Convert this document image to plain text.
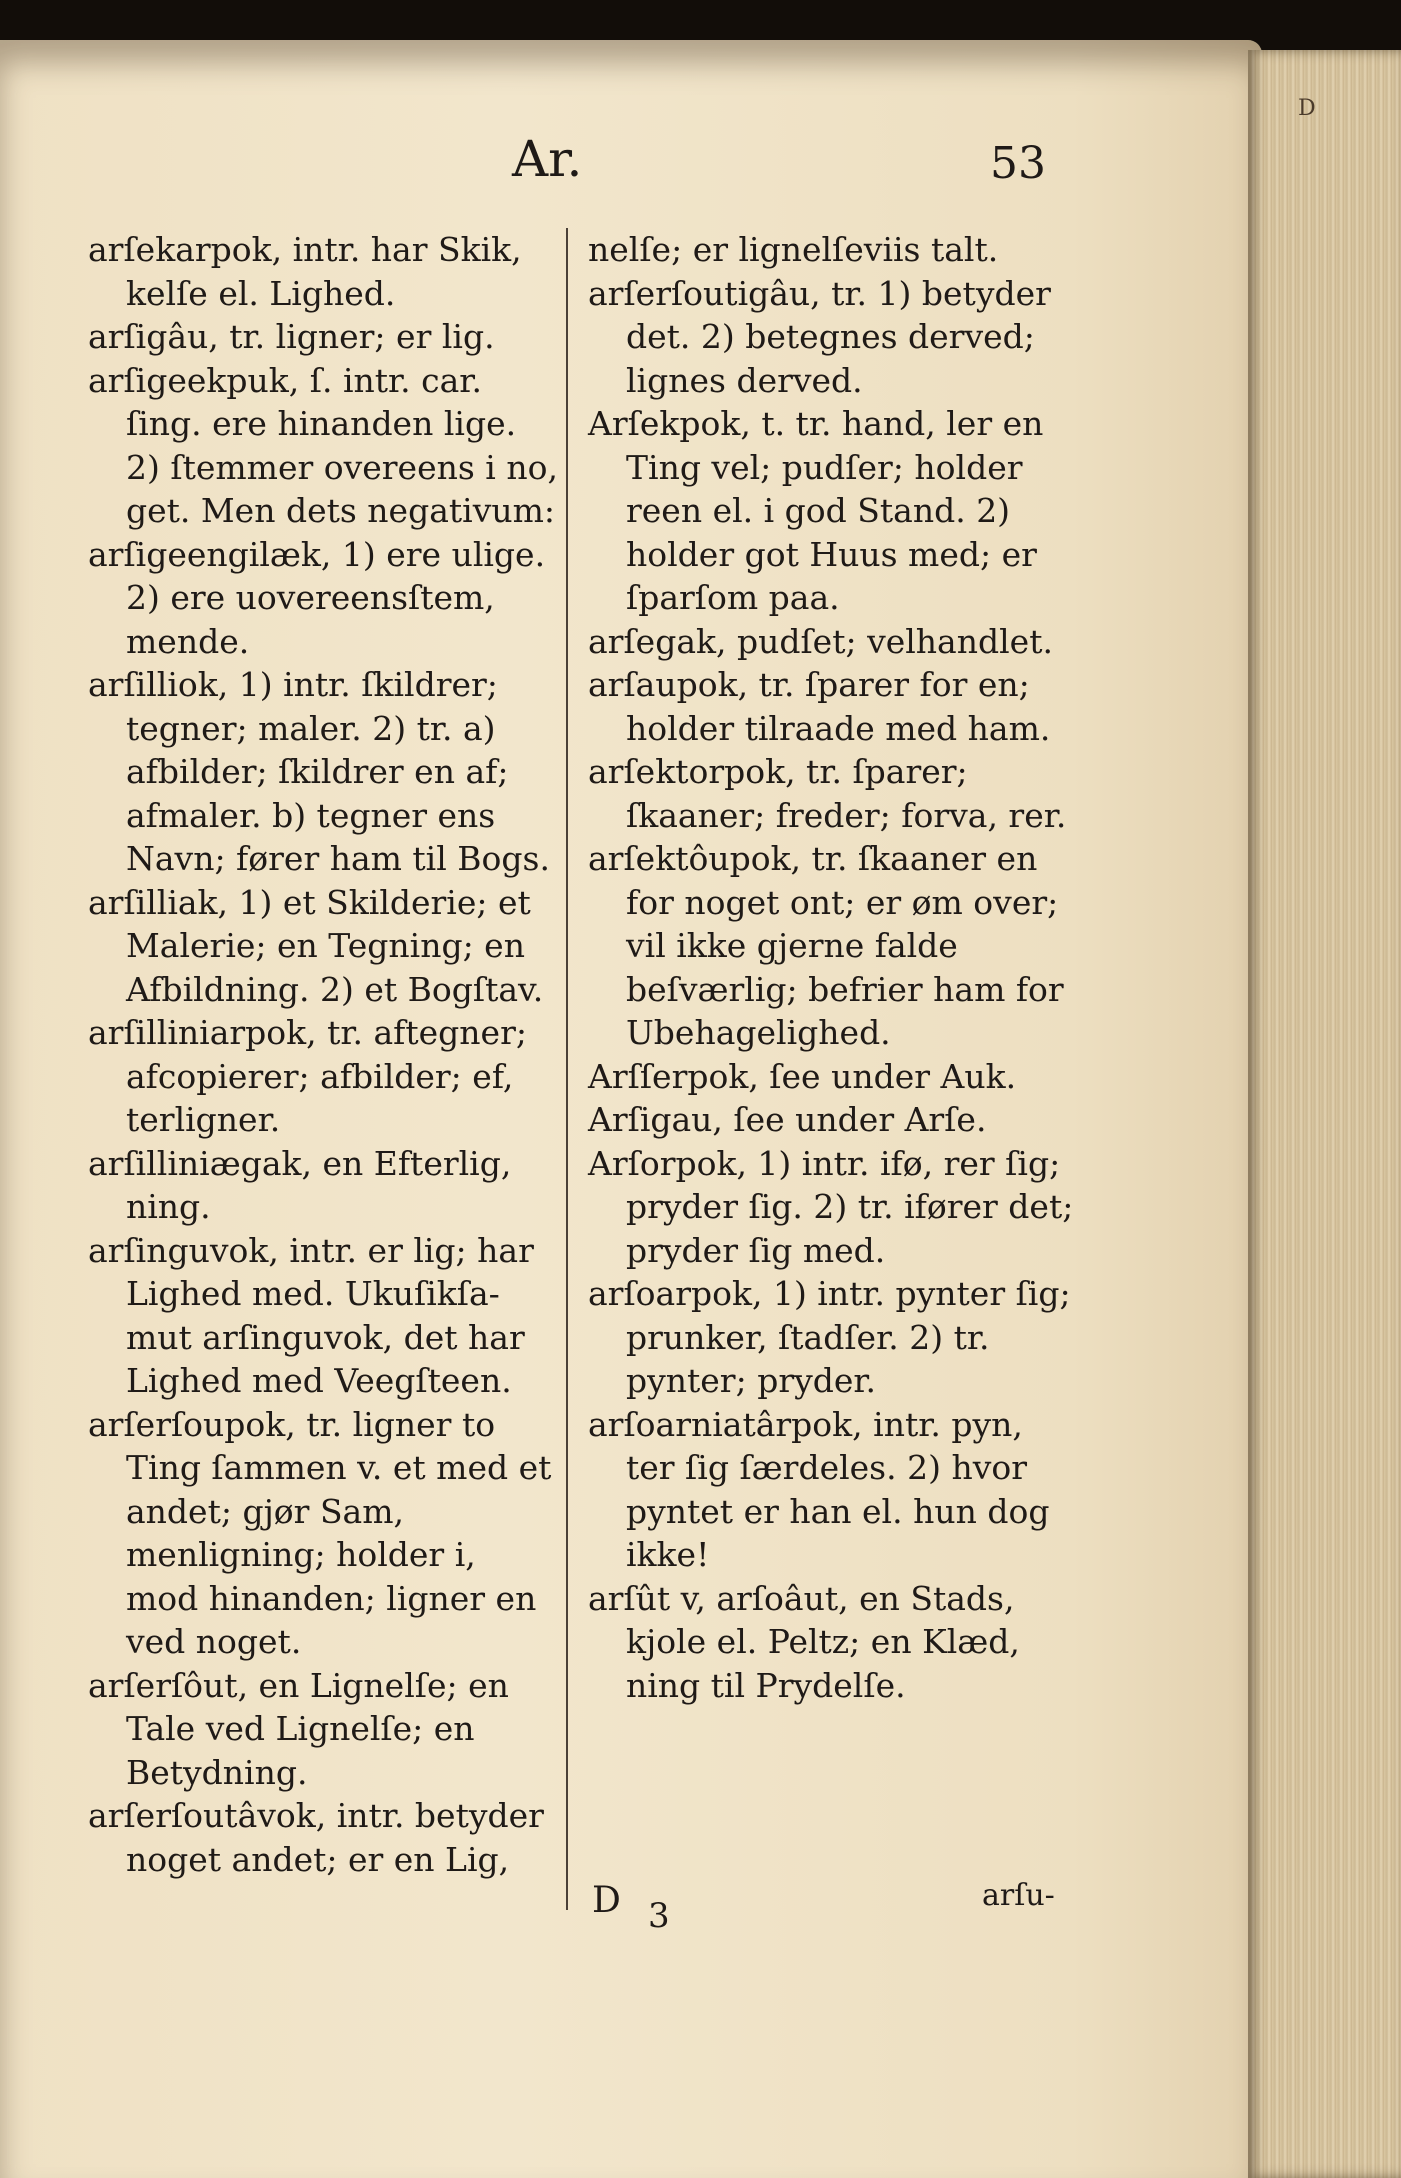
D
Ar.	53

arſekarpok, intr. har Skik, kelſe el. Lighed.

arſigâu, tr. ligner; er lig.

arſigeekpuk, ſ. intr. car. ſing. ere hinanden lige. 2) ſtemmer overeens i no, get. Men dets negativum:

arſigeengilæk, 1) ere ulige. 2) ere uovereensſtem, mende.

arſilliok, 1) intr. ſkildrer; tegner; maler. 2) tr. a) afbilder; ſkildrer en af; afmaler. b) tegner ens Navn; fører ham til Bogs.

arſilliak, 1) et Skilderie; et Malerie; en Tegning; en Afbildning. 2) et Bogſtav.

arſilliniarpok, tr. aftegner; afcopierer; afbilder; ef, terligner.

arſilliniægak, en Efterlig, ning.

arſinguvok, intr. er lig; har Lighed med. Ukuſikſa- mut arſinguvok, det har Lighed med Veegſteen.

arſerſoupok, tr. ligner to Ting ſammen v. et med et andet; gjør Sam, menligning; holder i, mod hinanden; ligner en ved noget.

arſerſôut, en Lignelſe; en Tale ved Lignelſe; en Betydning.

arſerſoutâvok, intr. betyder noget andet; er en Lig,

nelſe; er lignelſeviis talt.

arſerſoutigâu, tr. 1) betyder det. 2) betegnes derved; lignes derved.

Arſekpok, t. tr. hand, ler en Ting vel; pudſer; holder reen el. i god Stand. 2) holder got Huus med; er ſparſom paa.

arſegak, pudſet; velhandlet.

arſaupok, tr. ſparer for en; holder tilraade med ham.

arſektorpok, tr. ſparer; ſkaaner; freder; forva, rer.

arſektôupok, tr. ſkaaner en for noget ont; er øm over; vil ikke gjerne falde beſværlig; befrier ham for Ubehagelighed.

Arſſerpok, ſee under Auk.

Arſigau, ſee under Arſe.

Arſorpok, 1) intr. ifø, rer ſig; pryder ſig. 2) tr. ifører det; pryder ſig med.

arſoarpok, 1) intr. pynter ſig; prunker, ſtadſer. 2) tr. pynter; pryder.

arſoarniatârpok, intr. pyn, ter ſig ſærdeles. 2) hvor pyntet er han el. hun dog ikke!

arſût v, arſoâut, en Stads, kjole el. Peltz; en Klæd, ning til Prydelſe.

D 3
arſu-
